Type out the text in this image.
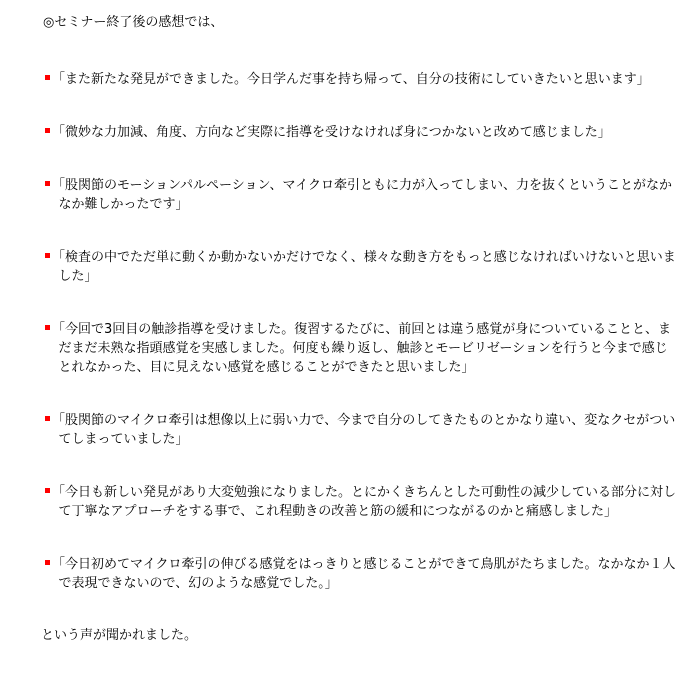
◎セミナー終了後の感想では、
「また新たな発見ができました。今日学んだ事を持ち帰って、自分の技術にしていきたいと思います」
「微妙な力加減、角度、方向など実際に指導を受けなければ身につかないと改めて感じました」
「股関節のモーションパルペーション、マイクロ牽引ともに力が入ってしまい、力を抜くということがなかなか難しかったです」
「検査の中でただ単に動くか動かないかだけでなく、様々な動き方をもっと感じなければいけないと思いました」
「今回で3回目の触診指導を受けました。復習するたびに、前回とは違う感覚が身についていることと、まだまだ未熟な指頭感覚を実感しました。何度も繰り返し、触診とモービリゼーションを行うと今まで感じとれなかった、目に見えない感覚を感じることができたと思いました」
「股関節のマイクロ牽引は想像以上に弱い力で、今まで自分のしてきたものとかなり違い、変なクセがついてしまっていました」
「今日も新しい発見があり大変勉強になりました。とにかくきちんとした可動性の減少している部分に対して丁寧なアプローチをする事で、これ程動きの改善と筋の緩和につながるのかと痛感しました」
「今日初めてマイクロ牽引の伸びる感覚をはっきりと感じることができて鳥肌がたちました。なかなか１人で表現できないので、幻のような感覚でした。」
という声が聞かれました。
